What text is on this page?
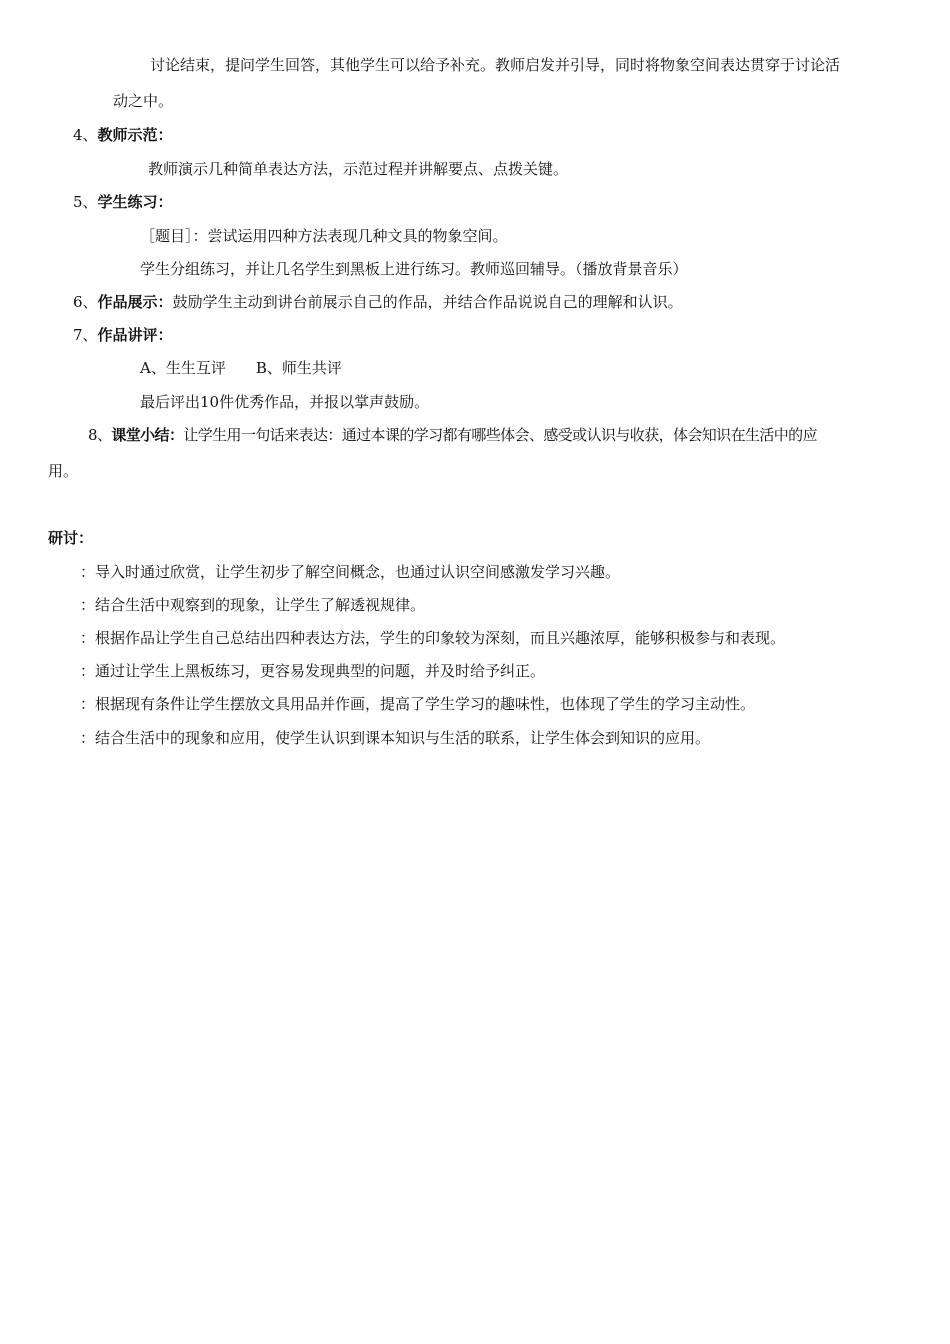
讨论结束，提问学生回答，其他学生可以给予补充。教师启发并引导，同时将物象空间表达贯穿于讨论活
动之中。
4、教师示范：
教师演示几种简单表达方法，示范过程并讲解要点、点拨关键。
5、学生练习：
［题目］：尝试运用四种方法表现几种文具的物象空间。
学生分组练习，并让几名学生到黑板上进行练习。教师巡回辅导。（播放背景音乐）
6、作品展示：鼓励学生主动到讲台前展示自己的作品，并结合作品说说自己的理解和认识。
7、作品讲评：
A、生生互评 B、师生共评
最后评出10件优秀作品，并报以掌声鼓励。
8、课堂小结：让学生用一句话来表达：通过本课的学习都有哪些体会、感受或认识与收获，体会知识在生活中的应
用。
研讨：
：导入时通过欣赏，让学生初步了解空间概念，也通过认识空间感激发学习兴趣。
：结合生活中观察到的现象，让学生了解透视规律。
：根据作品让学生自己总结出四种表达方法，学生的印象较为深刻，而且兴趣浓厚，能够积极参与和表现。
：通过让学生上黑板练习，更容易发现典型的问题，并及时给予纠正。
：根据现有条件让学生摆放文具用品并作画，提高了学生学习的趣味性，也体现了学生的学习主动性。
：结合生活中的现象和应用，使学生认识到课本知识与生活的联系，让学生体会到知识的应用。
